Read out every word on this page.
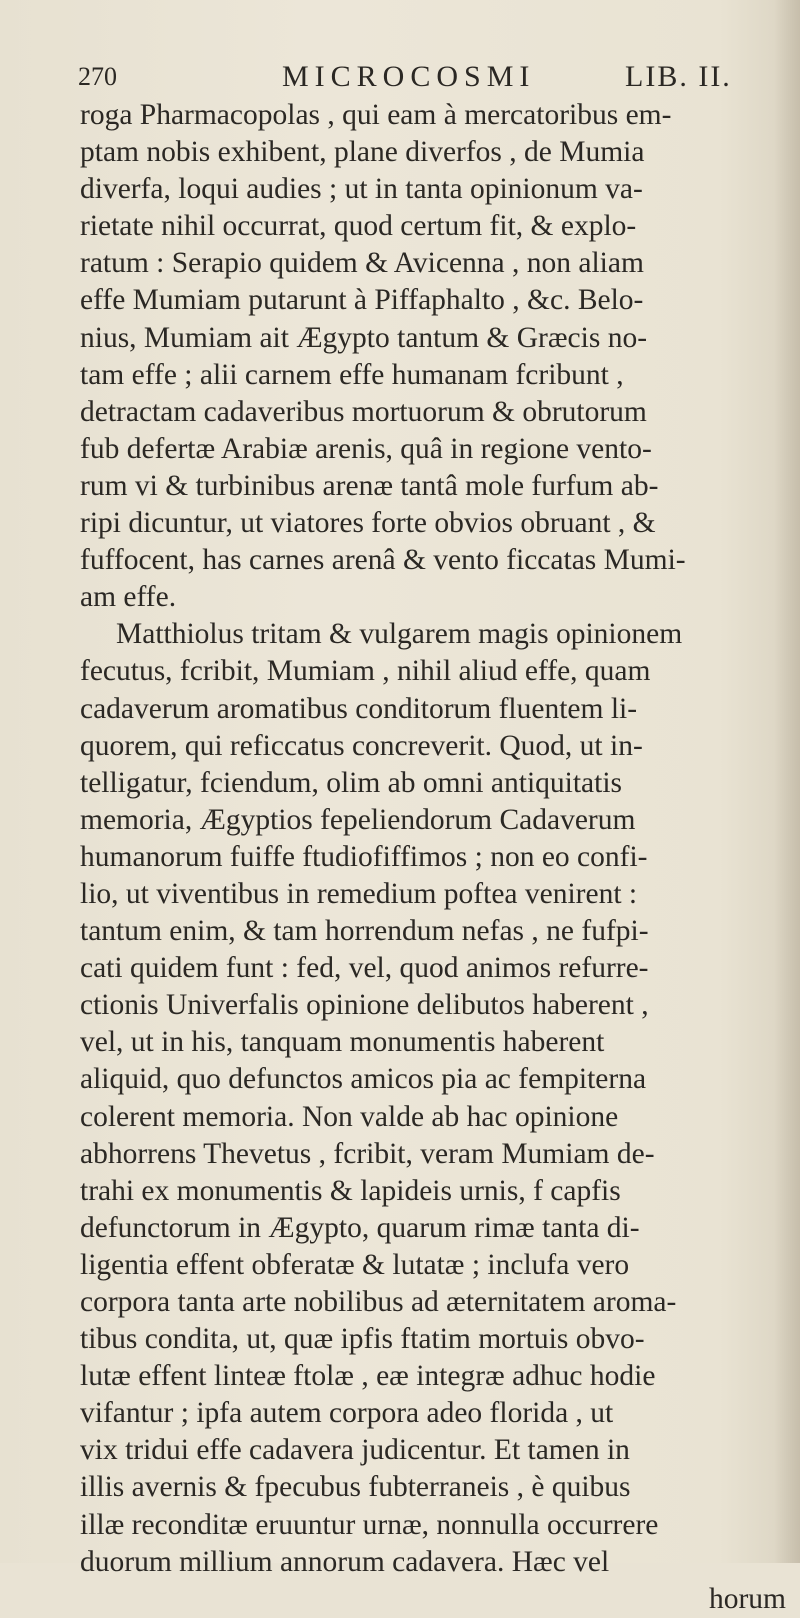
270	MICROCOSMI	LIB. II.
roga Pharmacopolas , qui eam à mercatoribus em-
ptam nobis exhibent, plane diverfos , de Mumia
diverfa, loqui audies ; ut in tanta opinionum va-
rietate nihil occurrat, quod certum fit, & explo-
ratum : Serapio quidem & Avicenna , non aliam
effe Mumiam putarunt à Piffaphalto , &c. Belo-
nius, Mumiam ait Ægypto tantum & Græcis no-
tam effe ; alii carnem effe humanam fcribunt ,
detractam cadaveribus mortuorum & obrutorum
fub defertæ Arabiæ arenis, quâ in regione vento-
rum vi & turbinibus arenæ tantâ mole furfum ab-
ripi dicuntur, ut viatores forte obvios obruant , &
fuffocent, has carnes arenâ & vento ficcatas Mumi-
am effe.
Matthiolus tritam & vulgarem magis opinionem
fecutus, fcribit, Mumiam , nihil aliud effe, quam
cadaverum aromatibus conditorum fluentem li-
quorem, qui reficcatus concreverit. Quod, ut in-
telligatur, fciendum, olim ab omni antiquitatis
memoria, Ægyptios fepeliendorum Cadaverum
humanorum fuiffe ftudiofiffimos ; non eo confi-
lio, ut viventibus in remedium poftea venirent :
tantum enim, & tam horrendum nefas , ne fufpi-
cati quidem funt : fed, vel, quod animos refurre-
ctionis Univerfalis opinione delibutos haberent ,
vel, ut in his, tanquam monumentis haberent
aliquid, quo defunctos amicos pia ac fempiterna
colerent memoria. Non valde ab hac opinione
abhorrens Thevetus , fcribit, veram Mumiam de-
trahi ex monumentis & lapideis urnis, f capfis
defunctorum in Ægypto, quarum rimæ tanta di-
ligentia effent obferatæ & lutatæ ; inclufa vero
corpora tanta arte nobilibus ad æternitatem aroma-
tibus condita, ut, quæ ipfis ftatim mortuis obvo-
lutæ effent linteæ ftolæ , eæ integræ adhuc hodie
vifantur ; ipfa autem corpora adeo florida , ut
vix tridui effe cadavera judicentur. Et tamen in
illis avernis & fpecubus fubterraneis , è quibus
illæ reconditæ eruuntur urnæ, nonnulla occurrere
duorum millium annorum cadavera. Hæc vel
horum
